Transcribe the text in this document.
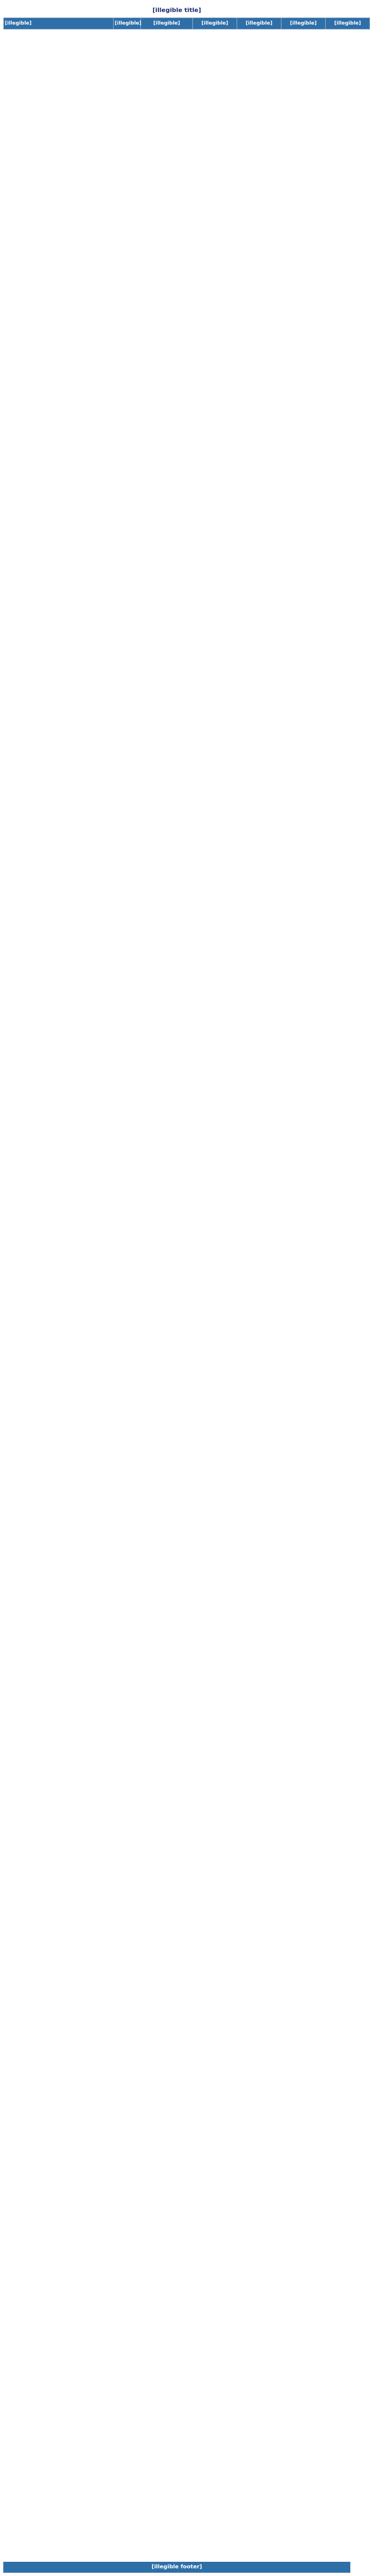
[illegible title]
[illegible]	[illegible]	[illegible]	[illegible]	[illegible]	[illegible]	[illegible]
[illegible footer]
